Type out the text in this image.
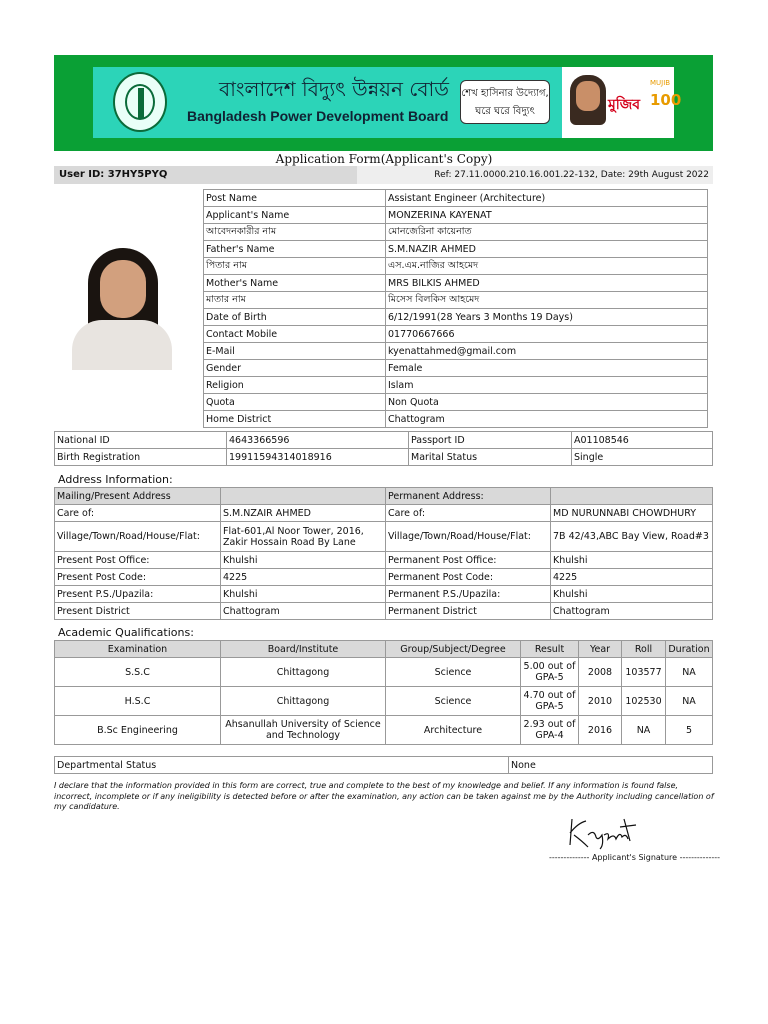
বাংলাদেশ বিদ্যুৎ উন্নয়ন বোর্ড
Bangladesh Power Development Board
শেখ হাসিনার উদ্যোগ,
ঘরে ঘরে বিদ্যুৎ	মুজিব
MUJIB
100
Application Form(Applicant's Copy)
User ID: 37HY5PYQ	Ref: 27.11.0000.210.16.001.22-132, Date: 29th August 2022
Post Name	Assistant Engineer (Architecture)
Applicant's Name	MONZERINA KAYENAT
আবেদনকারীর নাম	মোনজেরিনা কায়েনাত
Father's Name	S.M.NAZIR AHMED
পিতার নাম	এস.এম.নাজির আহমেদ
Mother's Name	MRS BILKIS AHMED
মাতার নাম	মিসেস বিলকিস আহমেদ
Date of Birth	6/12/1991(28 Years 3 Months 19 Days)
Contact Mobile	01770667666
E-Mail	kyenattahmed@gmail.com
Gender	Female
Religion	Islam
Quota	Non Quota
Home District	Chattogram
National ID	4643366596	Passport ID	A01108546
Birth Registration	19911594314018916	Marital Status	Single
Address Information:
Mailing/Present Address		Permanent Address:	
Care of:	S.M.NZAIR AHMED	Care of:	MD NURUNNABI CHOWDHURY
Village/Town/Road/House/Flat:	Flat-601,Al Noor Tower, 2016, Zakir Hossain Road By Lane	Village/Town/Road/House/Flat:	7B 42/43,ABC Bay View, Road#3
Present Post Office:	Khulshi	Permanent Post Office:	Khulshi
Present Post Code:	4225	Permanent Post Code:	4225
Present P.S./Upazila:	Khulshi	Permanent P.S./Upazila:	Khulshi
Present District	Chattogram	Permanent District	Chattogram
Academic Qualifications:
Examination	Board/Institute	Group/Subject/Degree	Result	Year	Roll	Duration
S.S.C	Chittagong	Science	5.00 out of GPA-5	2008	103577	NA
H.S.C	Chittagong	Science	4.70 out of GPA-5	2010	102530	NA
B.Sc Engineering	Ahsanullah University of Science and Technology	Architecture	2.93 out of GPA-4	2016	NA	5
Departmental Status	None
I declare that the information provided in this form are correct, true and complete to the best of my knowledge and belief. If any information is found false, incorrect, incomplete or if any ineligibility is detected before or after the examination, any action can be taken against me by the Authority including cancellation of my candidature.
-------------- Applicant's Signature --------------
